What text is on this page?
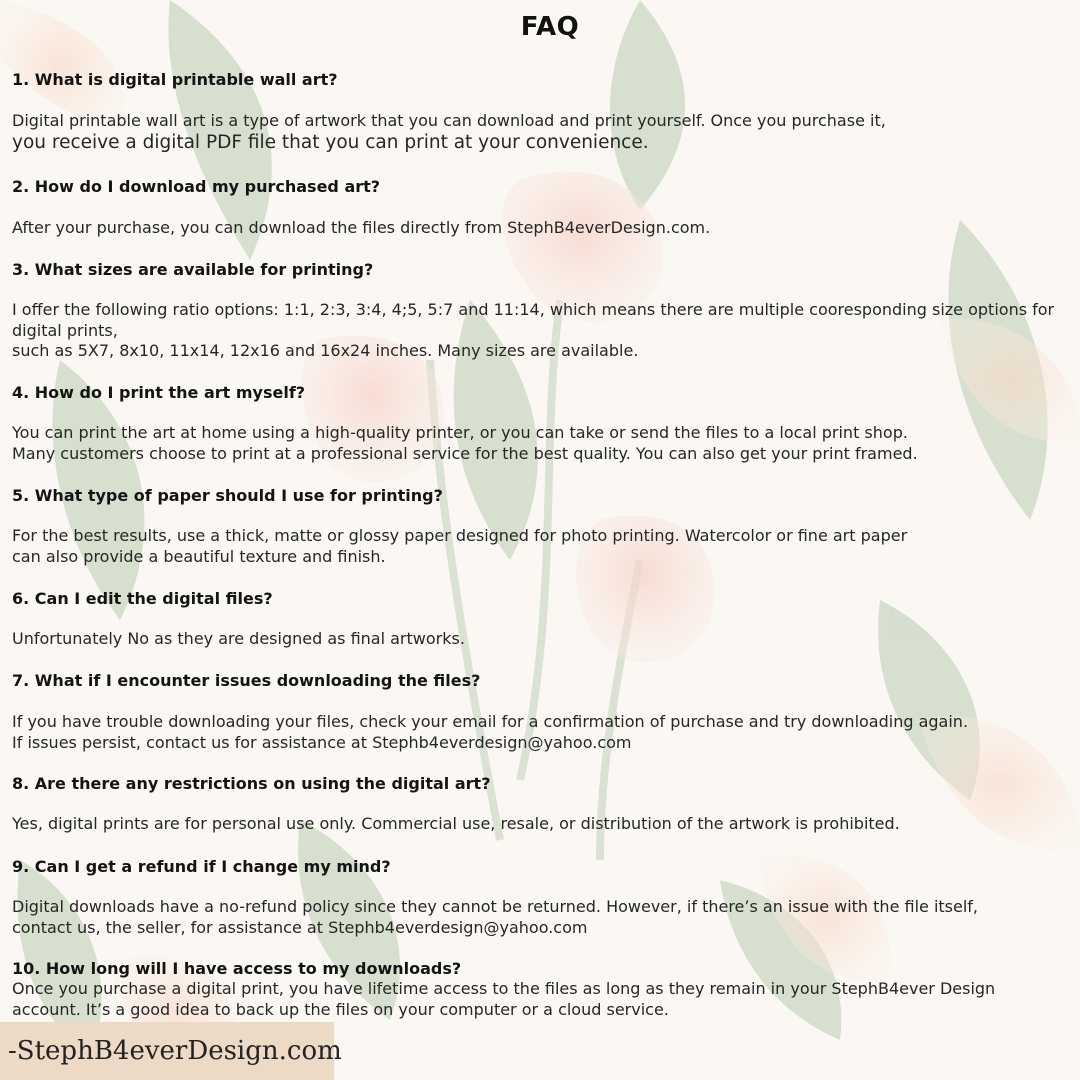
FAQ
1. What is digital printable wall art?
Digital printable wall art is a type of artwork that you can download and print yourself. Once you purchase it,
you receive a digital PDF file that you can print at your convenience.
2. How do I download my purchased art?
After your purchase, you can download the files directly from StephB4everDesign.com.
3. What sizes are available for printing?
I offer the following ratio options: 1:1, 2:3, 3:4, 4;5, 5:7 and 11:14, which means there are multiple cooresponding size options for digital prints,
such as 5X7, 8x10, 11x14, 12x16 and 16x24 inches. Many sizes are available.
4. How do I print the art myself?
You can print the art at home using a high-quality printer, or you can take or send the files to a local print shop.
Many customers choose to print at a professional service for the best quality. You can also get your print framed.
5. What type of paper should I use for printing?
For the best results, use a thick, matte or glossy paper designed for photo printing. Watercolor or fine art paper
can also provide a beautiful texture and finish.
6. Can I edit the digital files?
Unfortunately No as they are designed as final artworks.
7. What if I encounter issues downloading the files?
If you have trouble downloading your files, check your email for a confirmation of purchase and try downloading again.
If issues persist, contact us for assistance at Stephb4everdesign@yahoo.com
8. Are there any restrictions on using the digital art?
Yes, digital prints are for personal use only. Commercial use, resale, or distribution of the artwork is prohibited.
9. Can I get a refund if I change my mind?
Digital downloads have a no-refund policy since they cannot be returned. However, if there’s an issue with the file itself,
contact us, the seller, for assistance at Stephb4everdesign@yahoo.com
10. How long will I have access to my downloads?
Once you purchase a digital print, you have lifetime access to the files as long as they remain in your StephB4ever Design
account. It’s a good idea to back up the files on your computer or a cloud service.
-StephB4everDesign.com
